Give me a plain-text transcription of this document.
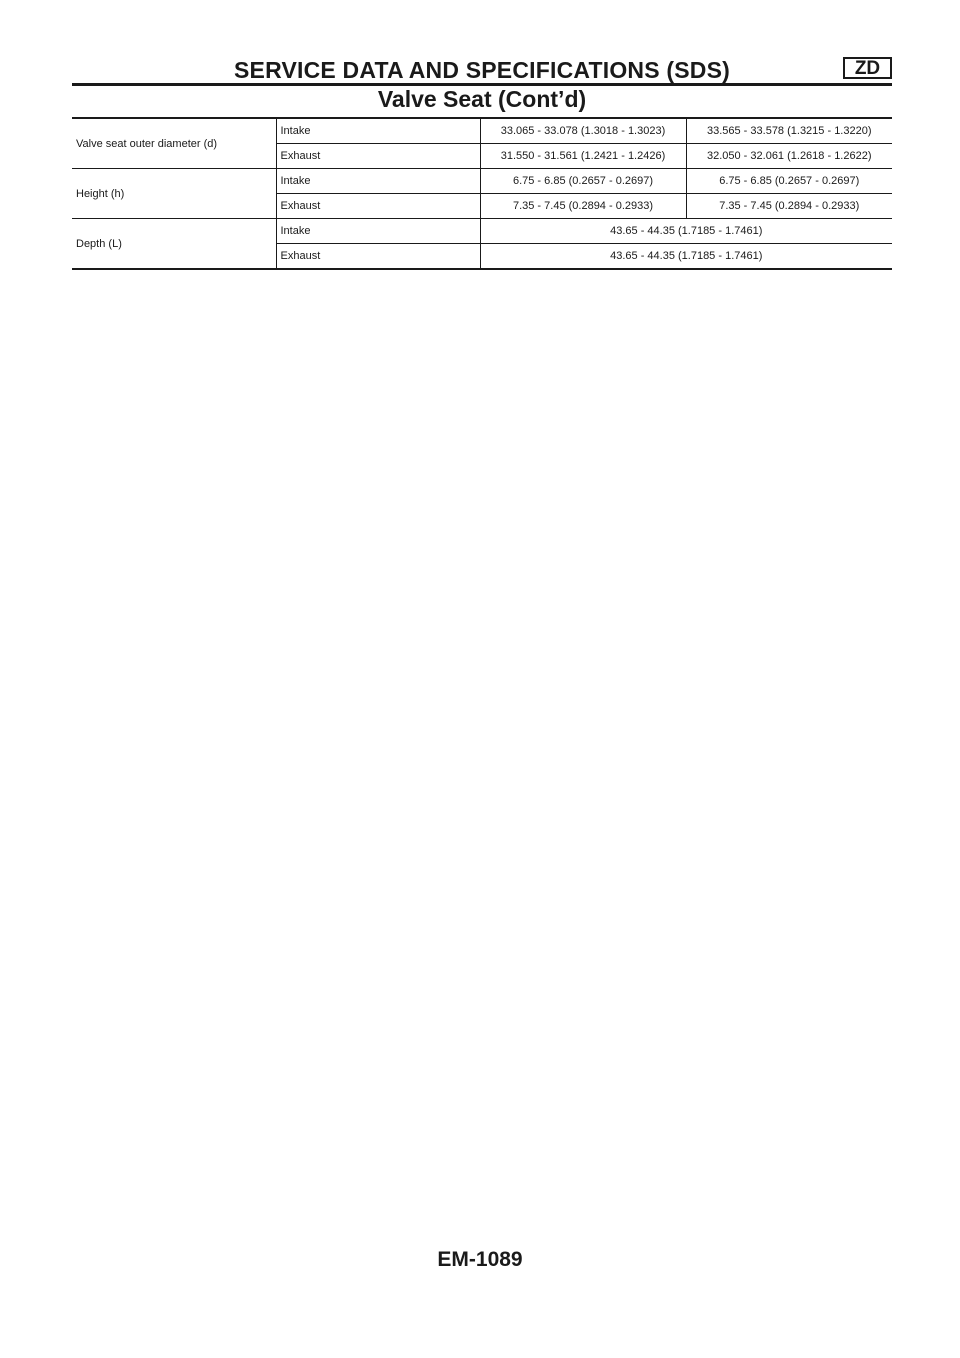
SERVICE DATA AND SPECIFICATIONS (SDS)	ZD
Valve Seat (Cont’d)
Valve seat outer diameter (d)	Intake	33.065 - 33.078 (1.3018 - 1.3023)	33.565 - 33.578 (1.3215 - 1.3220)
	Exhaust	31.550 - 31.561 (1.2421 - 1.2426)	32.050 - 32.061 (1.2618 - 1.2622)
Height (h)	Intake	6.75 - 6.85 (0.2657 - 0.2697)	6.75 - 6.85 (0.2657 - 0.2697)
	Exhaust	7.35 - 7.45 (0.2894 - 0.2933)	7.35 - 7.45 (0.2894 - 0.2933)
Depth (L)	Intake	43.65 - 44.35 (1.7185 - 1.7461)	
	Exhaust	43.65 - 44.35 (1.7185 - 1.7461)	
EM-1089
